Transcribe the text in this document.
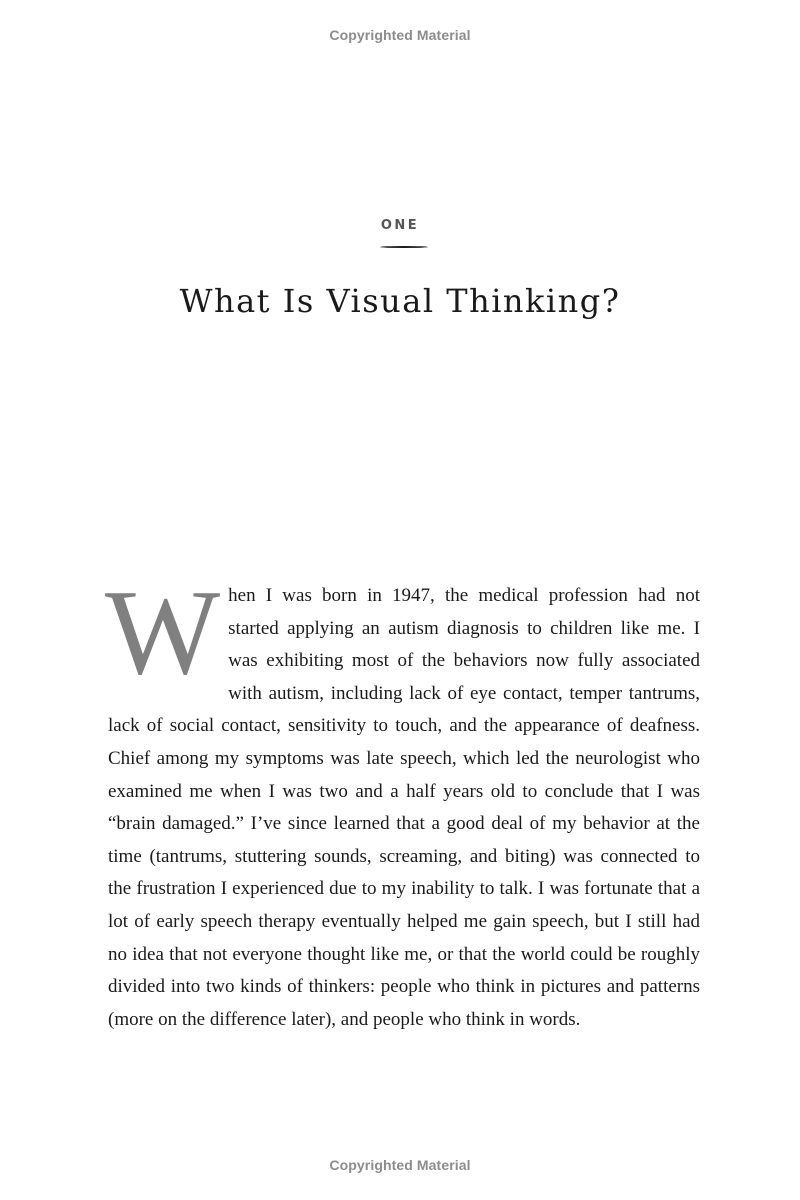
Copyrighted Material
ONE
What Is Visual Thinking?

When I was born in 1947, the medical profession had not started applying an autism diagnosis to children like me. I was exhibiting most of the behaviors now fully associated with autism, including lack of eye contact, temper tantrums, lack of social contact, sensitivity to touch, and the appearance of deafness. Chief among my symptoms was late speech, which led the neurologist who examined me when I was two and a half years old to conclude that I was “brain damaged.” I’ve since learned that a good deal of my behavior at the time (tantrums, stuttering sounds, screaming, and biting) was connected to the frustration I experienced due to my inability to talk. I was fortunate that a lot of early speech therapy eventually helped me gain speech, but I still had no idea that not everyone thought like me, or that the world could be roughly divided into two kinds of thinkers: people who think in pictures and patterns (more on the difference later), and people who think in words.

Copyrighted Material
